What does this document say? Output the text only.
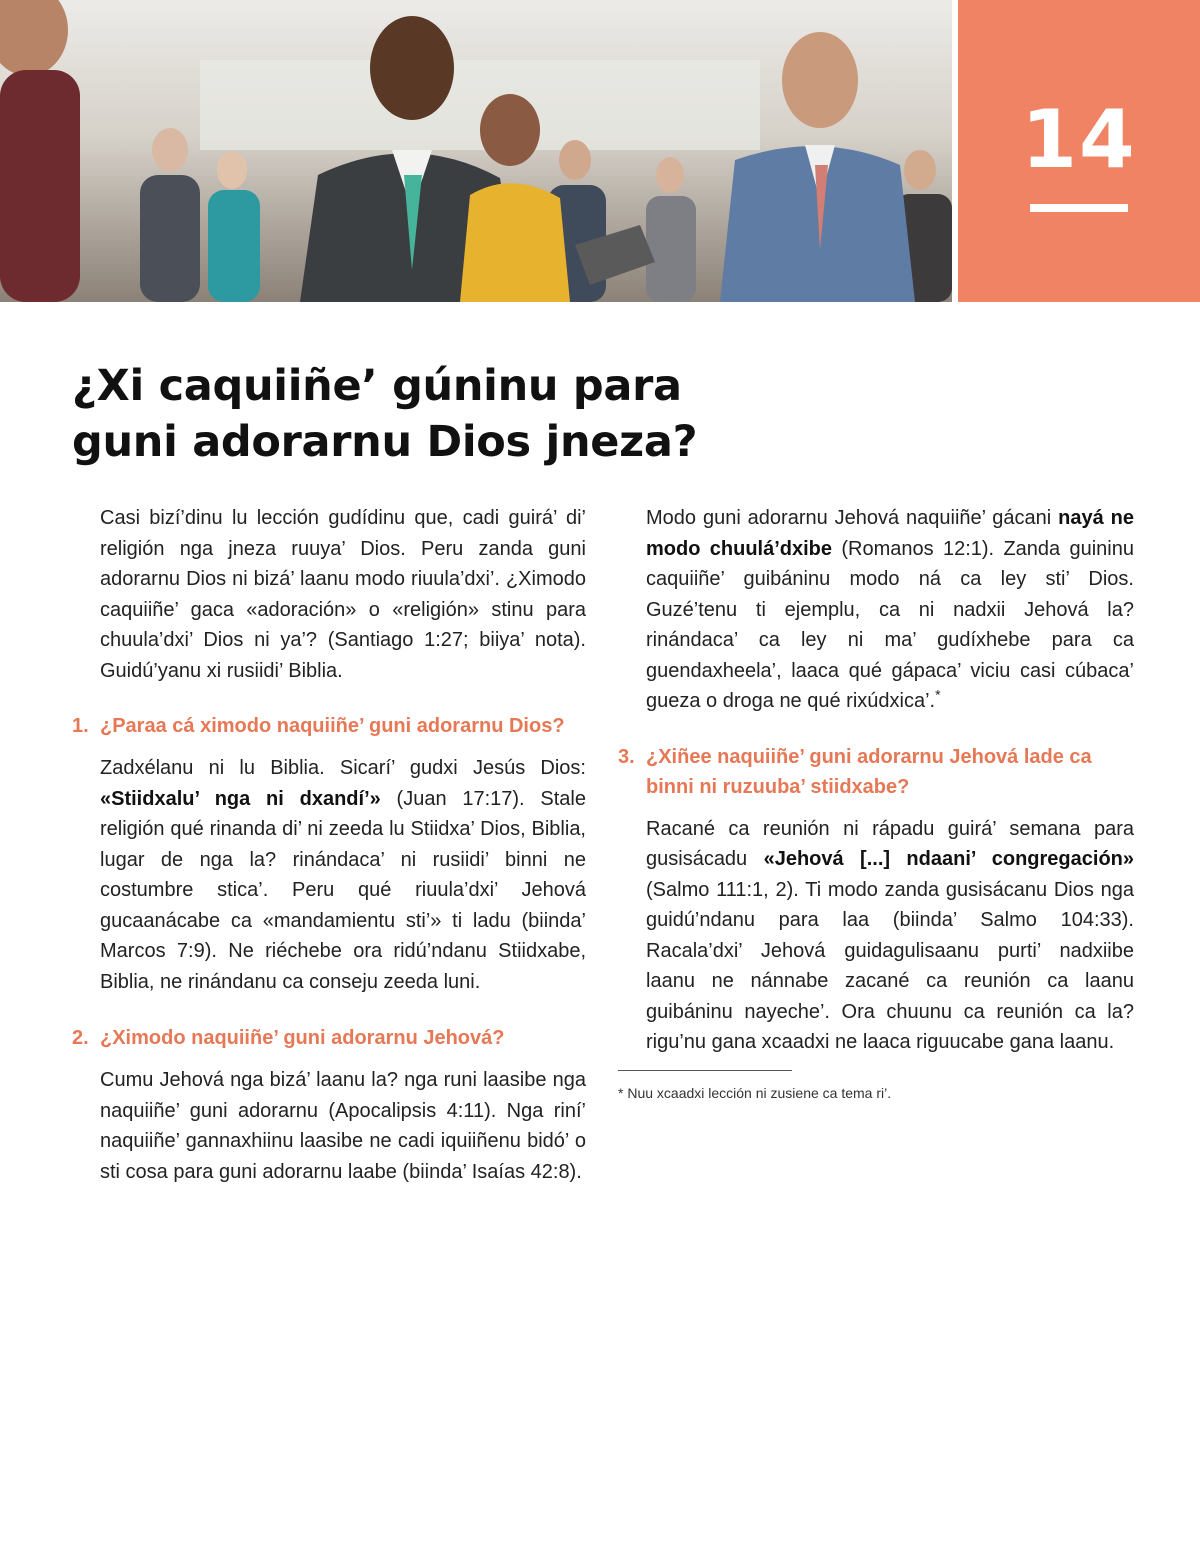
14
¿Xi caquiiñe’ gúninu para
guni adorarnu Dios jneza?

Casi bizí’dinu lu lección gudídinu que, cadi guirá’ di’ religión nga jneza ruuya’ Dios. Peru zanda guni adorarnu Dios ni bizá’ laanu modo riuula’dxi’. ¿Ximodo caquiiñe’ gaca «adoración» o «religión» stinu para chuula’dxi’ Dios ni ya’? (Santiago 1:27; biiya’ nota). Guidú’yanu xi rusiidi’ Biblia.

1. ¿Paraa cá ximodo naquiiñe’ guni adorarnu Dios?

Zadxélanu ni lu Biblia. Sicarí’ gudxi Jesús Dios: «Stiidxalu’ nga ni dxandí’» (Juan 17:17). Stale religión qué rinanda di’ ni zeeda lu Stiidxa’ Dios, Biblia, lugar de nga la? rinándaca’ ni rusiidi’ binni ne costumbre stica’. Peru qué riuula’dxi’ Jehová gucaanácabe ca «mandamientu sti’» ti ladu (biinda’ Marcos 7:9). Ne riéchebe ora ridú’ndanu Stiidxabe, Biblia, ne rinándanu ca conseju zeeda luni.

2. ¿Ximodo naquiiñe’ guni adorarnu Jehová?

Cumu Jehová nga bizá’ laanu la? nga runi laasibe nga naquiiñe’ guni adorarnu (Apocalipsis 4:11). Nga riní’ naquiiñe’ gannaxhiinu laasibe ne cadi iquiiñenu bidó’ o sti cosa para guni adorarnu laabe (biinda’ Isaías 42:8).

Modo guni adorarnu Jehová naquiiñe’ gácani nayá ne modo chuulá’dxibe (Romanos 12:1). Zanda guininu caquiiñe’ guibáninu modo ná ca ley sti’ Dios. Guzé’tenu ti ejemplu, ca ni nadxii Jehová la? rinándaca’ ca ley ni ma’ gudíxhebe para ca guendaxheela’, laaca qué gápaca’ viciu casi cúbaca’ gueza o droga ne qué rixúdxica’.*

3. ¿Xiñee naquiiñe’ guni adorarnu Jehová lade ca binni ni ruzuuba’ stiidxabe?

Racané ca reunión ni rápadu guirá’ semana para gusisácadu «Jehová [...] ndaani’ congregación» (Salmo 111:1, 2). Ti modo zanda gusisácanu Dios nga guidú’ndanu para laa (biinda’ Salmo 104:33). Racala’dxi’ Jehová guidagulisaanu purti’ nadxiibe laanu ne nánnabe zacané ca reunión ca laanu guibáninu nayeche’. Ora chuunu ca reunión ca la? rigu’nu gana xcaadxi ne laaca riguucabe gana laanu.

* Nuu xcaadxi lección ni zusiene ca tema ri’.
